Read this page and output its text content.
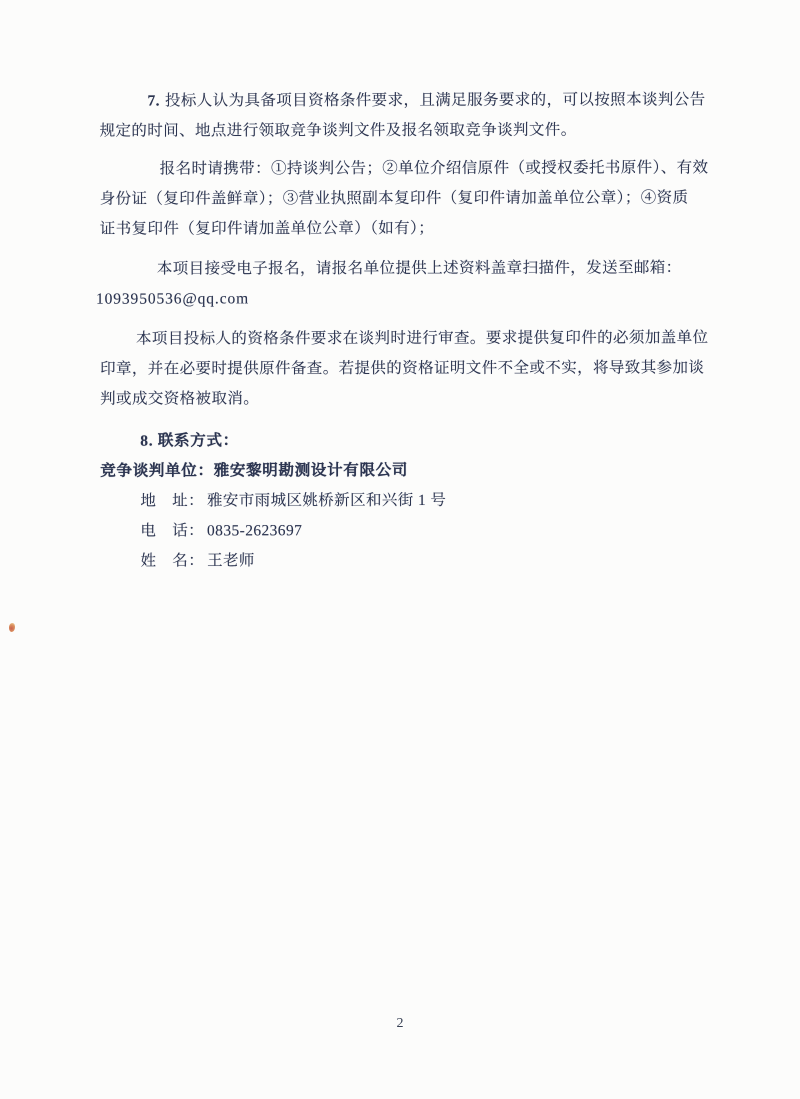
7. 投标人认为具备项目资格条件要求，且满足服务要求的，可以按照本谈判公告
规定的时间、地点进行领取竞争谈判文件及报名领取竞争谈判文件。
报名时请携带：①持谈判公告；②单位介绍信原件（或授权委托书原件）、有效
身份证（复印件盖鲜章）；③营业执照副本复印件（复印件请加盖单位公章）；④资质
证书复印件（复印件请加盖单位公章）（如有）；
本项目接受电子报名，请报名单位提供上述资料盖章扫描件，发送至邮箱：
1093950536@qq.com
本项目投标人的资格条件要求在谈判时进行审查。要求提供复印件的必须加盖单位
印章，并在必要时提供原件备查。若提供的资格证明文件不全或不实，将导致其参加谈
判或成交资格被取消。
8. 联系方式：
竞争谈判单位：雅安黎明勘测设计有限公司
地　址： 雅安市雨城区姚桥新区和兴街 1 号
电　话： 0835-2623697
姓　名： 王老师
2
